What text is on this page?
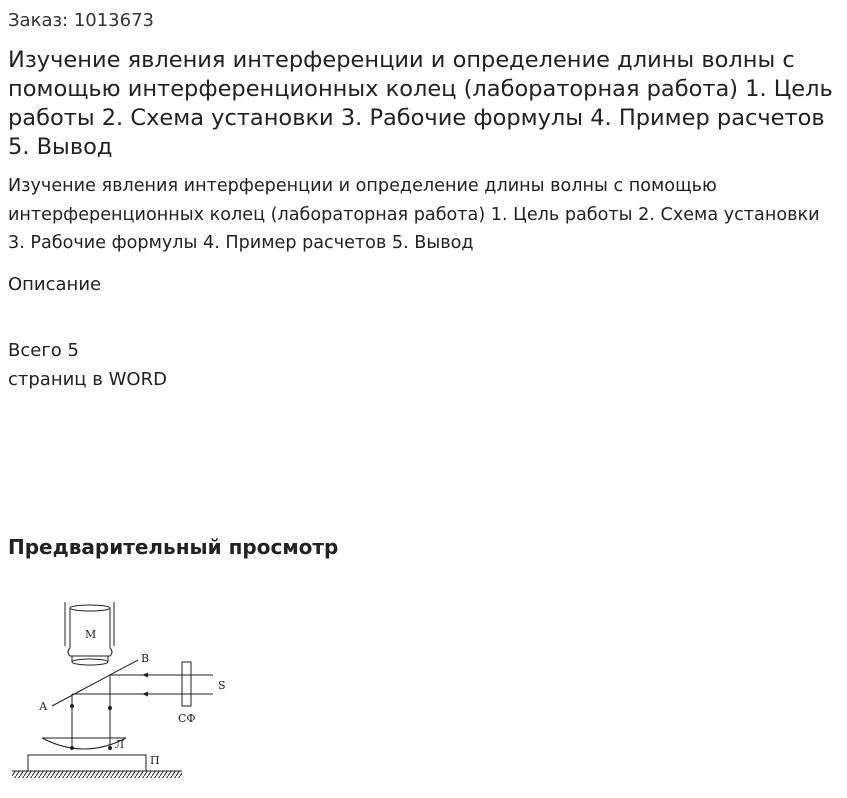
Заказ: 1013673
Изучение явления интерференции и определение длины волны с помощью интерференционных колец (лабораторная работа) 1. Цель работы 2. Схема установки 3. Рабочие формулы 4. Пример расчетов 5. Вывод
Изучение явления интерференции и определение длины волны с помощью интерференционных колец (лабораторная работа) 1. Цель работы 2. Схема установки 3. Рабочие формулы 4. Пример расчетов 5. Вывод
Описание
Всего 5
страниц в WORD
Предварительный просмотр
М
В
А
S
СФ
Л
П
